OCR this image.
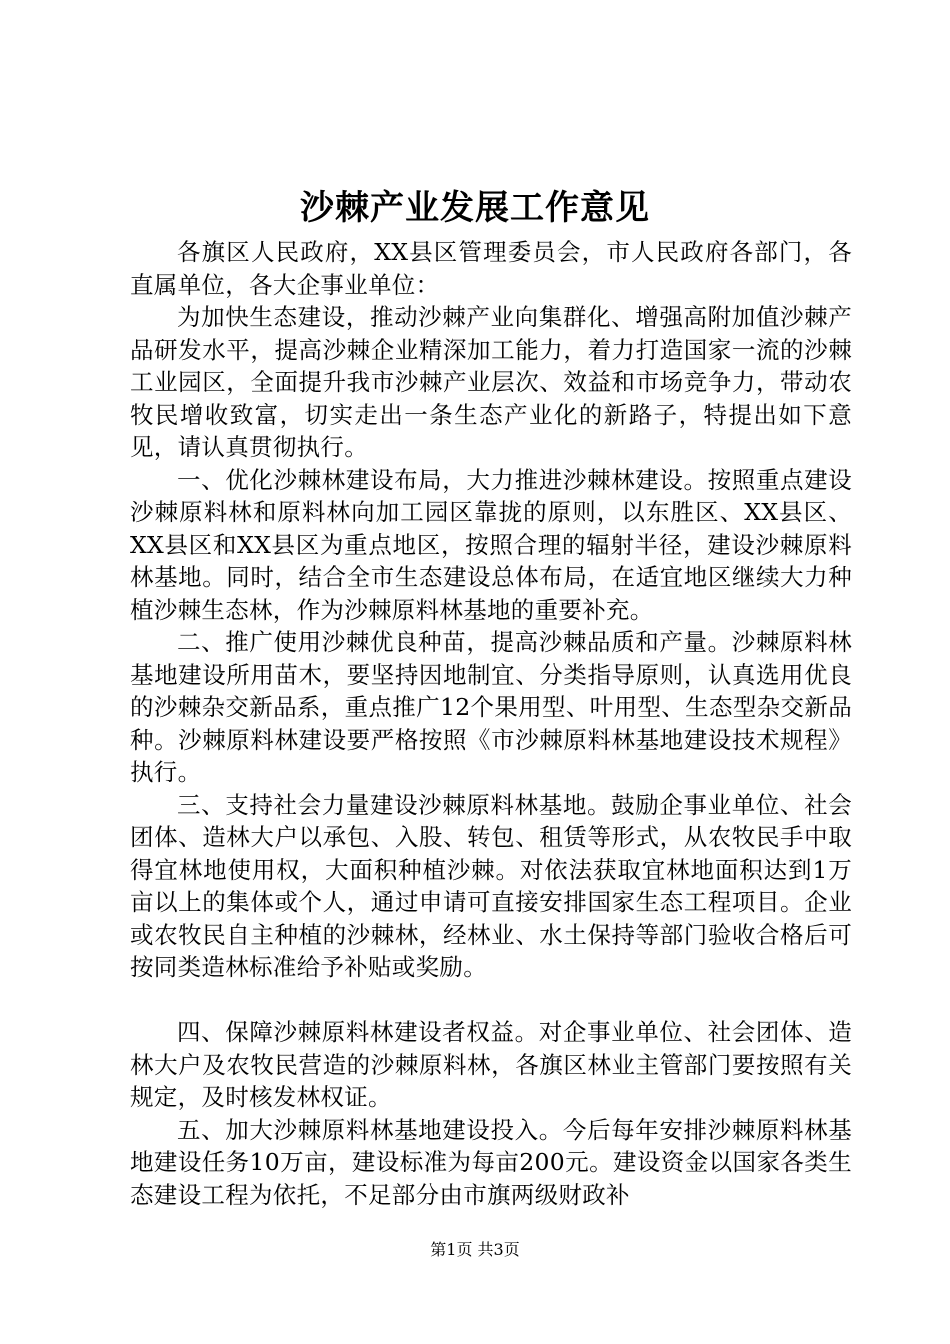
沙棘产业发展工作意见

各旗区人民政府，XX县区管理委员会，市人民政府各部门，各直属单位，各大企事业单位：

为加快生态建设，推动沙棘产业向集群化、增强高附加值沙棘产品研发水平，提高沙棘企业精深加工能力，着力打造国家一流的沙棘工业园区，全面提升我市沙棘产业层次、效益和市场竞争力，带动农牧民增收致富，切实走出一条生态产业化的新路子，特提出如下意见，请认真贯彻执行。

一、优化沙棘林建设布局，大力推进沙棘林建设。按照重点建设沙棘原料林和原料林向加工园区靠拢的原则，以东胜区、XX县区、XX县区和XX县区为重点地区，按照合理的辐射半径，建设沙棘原料林基地。同时，结合全市生态建设总体布局，在适宜地区继续大力种植沙棘生态林，作为沙棘原料林基地的重要补充。

二、推广使用沙棘优良种苗，提高沙棘品质和产量。沙棘原料林基地建设所用苗木，要坚持因地制宜、分类指导原则，认真选用优良的沙棘杂交新品系，重点推广12个果用型、叶用型、生态型杂交新品种。沙棘原料林建设要严格按照《市沙棘原料林基地建设技术规程》执行。

三、支持社会力量建设沙棘原料林基地。鼓励企事业单位、社会团体、造林大户以承包、入股、转包、租赁等形式，从农牧民手中取得宜林地使用权，大面积种植沙棘。对依法获取宜林地面积达到1万亩以上的集体或个人，通过申请可直接安排国家生态工程项目。企业或农牧民自主种植的沙棘林，经林业、水土保持等部门验收合格后可按同类造林标准给予补贴或奖励。

四、保障沙棘原料林建设者权益。对企事业单位、社会团体、造林大户及农牧民营造的沙棘原料林，各旗区林业主管部门要按照有关规定，及时核发林权证。

五、加大沙棘原料林基地建设投入。今后每年安排沙棘原料林基地建设任务10万亩，建设标准为每亩200元。建设资金以国家各类生态建设工程为依托，不足部分由市旗两级财政补

第1页 共3页
